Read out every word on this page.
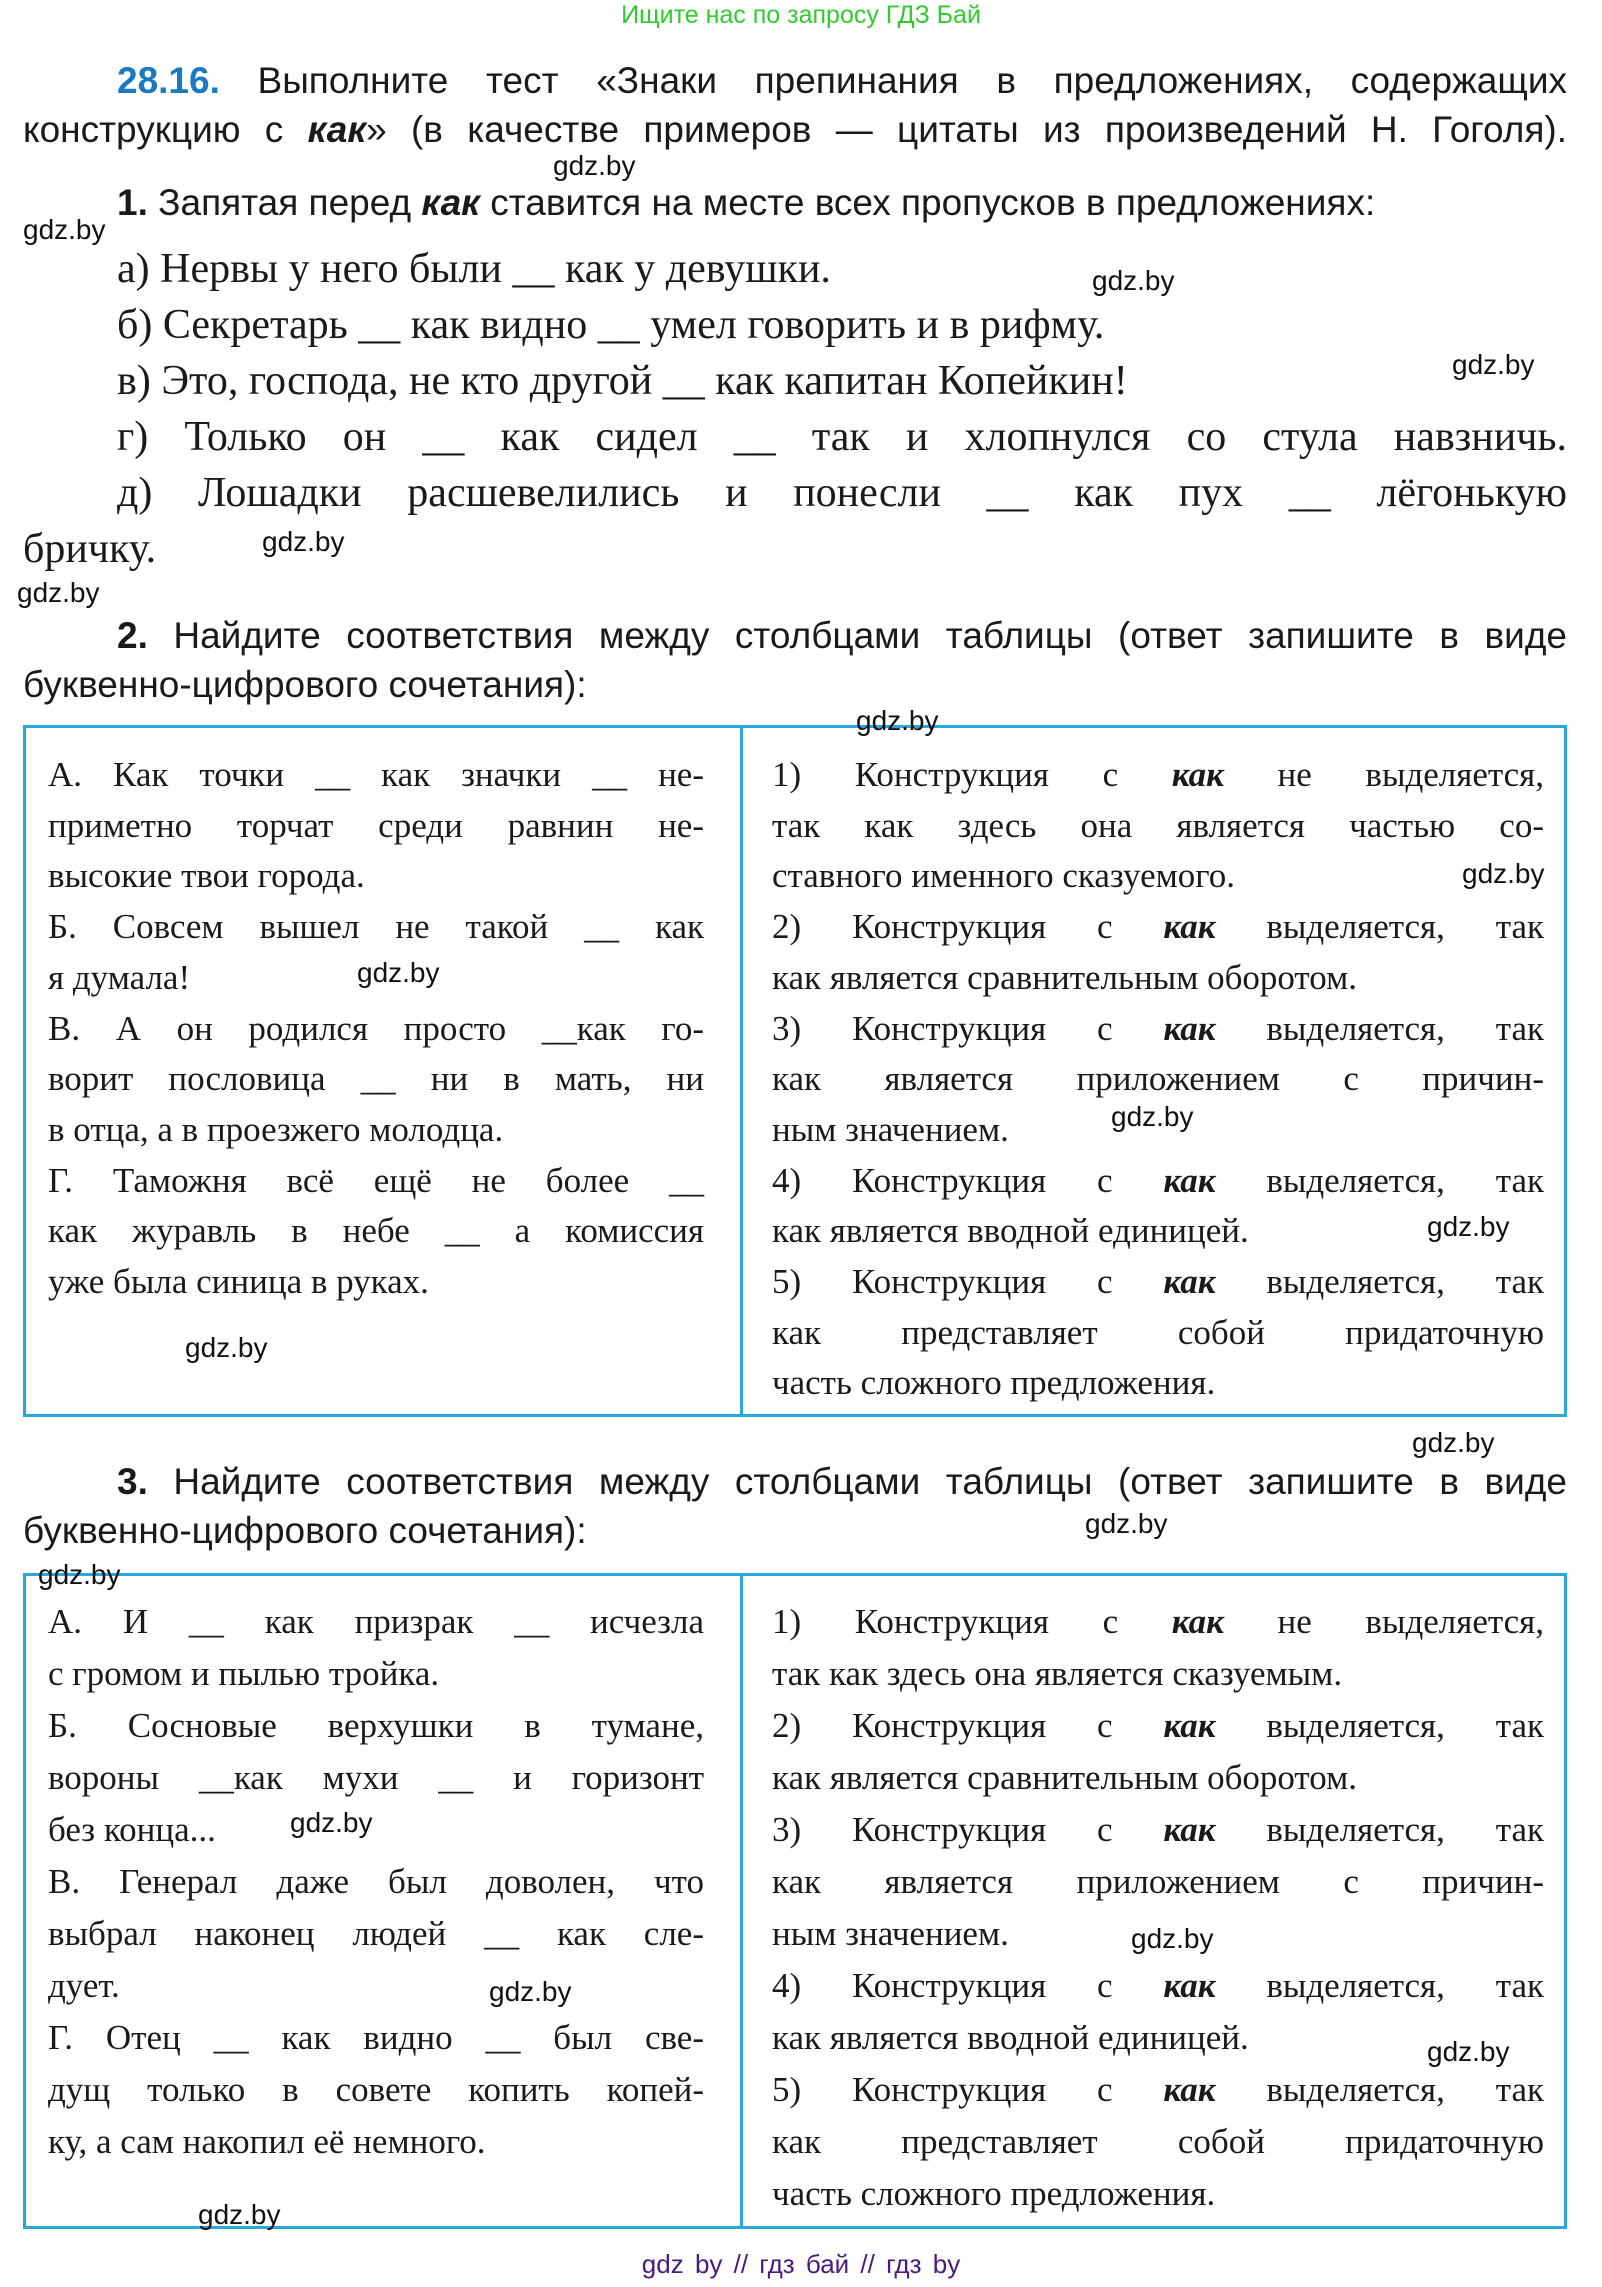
Ищите нас по запросу ГДЗ Бай
28.16. Выполните тест «Знаки препинания в предложениях, содержащих
конструкцию с как» (в качестве примеров — цитаты из произведений Н. Гоголя).
1. Запятая перед как ставится на месте всех пропусков в предложениях:
а) Нервы у него были __ как у девушки.
б) Секретарь __ как видно __ умел говорить и в рифму.
в) Это, господа, не кто другой __ как капитан Копейкин!
г) Только он __ как сидел __ так и хлопнулся со стула навзничь.
д) Лошадки расшевелились и понесли __ как пух __ лёгонькую
бричку.
2. Найдите соответствия между столбцами таблицы (ответ запишите в виде
буквенно-цифрового сочетания):
А. Как точки __ как значки __ не-
приметно торчат среди равнин не-
высокие твои города.
Б. Совсем вышел не такой __ как
я думала!
В. А он родился просто __как го-
ворит пословица __ ни в мать, ни
в отца, а в проезжего молодца.
Г. Таможня всё ещё не более __
как журавль в небе __ а комиссия
уже была синица в руках.
1) Конструкция с как не выделяется,
так как здесь она является частью со-
ставного именного сказуемого.
2) Конструкция с как выделяется, так
как является сравнительным оборотом.
3) Конструкция с как выделяется, так
как является приложением с причин-
ным значением.
4) Конструкция с как выделяется, так
как является вводной единицей.
5) Конструкция с как выделяется, так
как представляет собой придаточную
часть сложного предложения.
3. Найдите соответствия между столбцами таблицы (ответ запишите в виде
буквенно-цифрового сочетания):
А. И __ как призрак __ исчезла
с громом и пылью тройка.
Б. Сосновые верхушки в тумане,
вороны __как мухи __ и горизонт
без конца...
В. Генерал даже был доволен, что
выбрал наконец людей __ как сле-
дует.
Г. Отец __ как видно __ был све-
дущ только в совете копить копей-
ку, а сам накопил её немного.
1) Конструкция с как не выделяется,
так как здесь она является сказуемым.
2) Конструкция с как выделяется, так
как является сравнительным оборотом.
3) Конструкция с как выделяется, так
как является приложением с причин-
ным значением.
4) Конструкция с как выделяется, так
как является вводной единицей.
5) Конструкция с как выделяется, так
как представляет собой придаточную
часть сложного предложения.
gdz.by
gdz.by
gdz.by
gdz.by
gdz.by
gdz.by
gdz.by
gdz.by
gdz.by
gdz.by
gdz.by
gdz.by
gdz.by
gdz.by
gdz.by
gdz.by
gdz.by
gdz.by
gdz.by
gdz.by
gdz by // гдз бай // гдз by
